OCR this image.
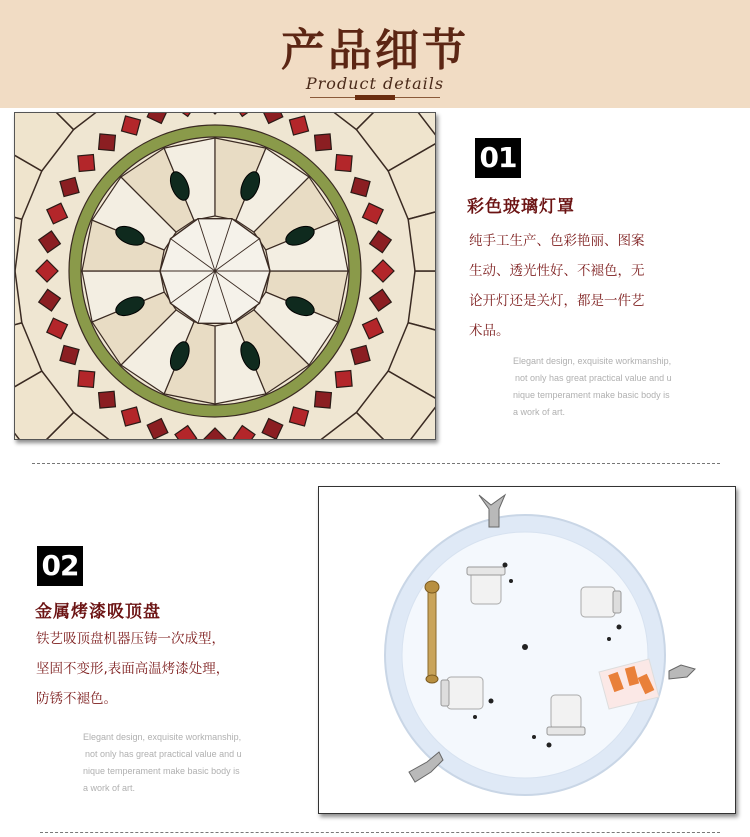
产品细节
Product details
01
彩色玻璃灯罩
纯手工生产、色彩艳丽、图案
生动、透光性好、不褪色，无
论开灯还是关灯，都是一件艺
术品。
Elegant design, exquisite workmanship,
not only has great practical value and u
nique temperament make basic body is
a work of art.
02
金属烤漆吸顶盘
铁艺吸顶盘机器压铸一次成型，
坚固不变形,表面高温烤漆处理，
防锈不褪色。
Elegant design, exquisite workmanship,
not only has great practical value and u
nique temperament make basic body is
a work of art.
